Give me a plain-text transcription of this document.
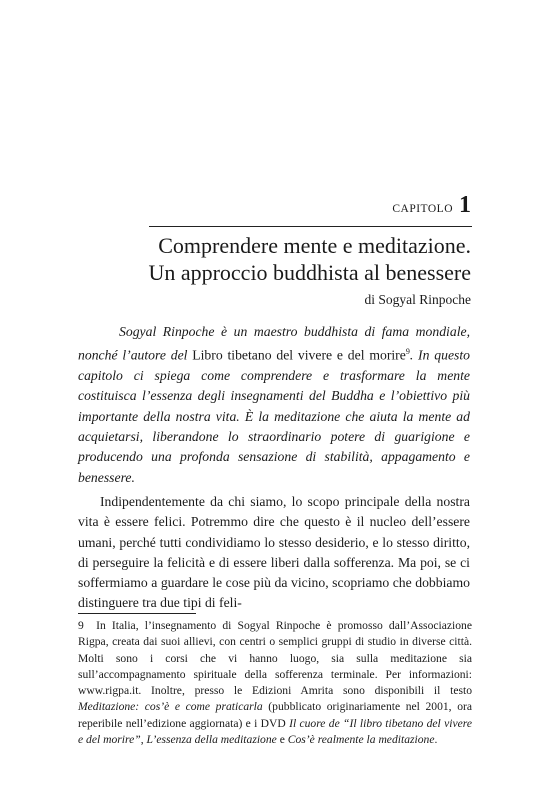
CAPITOLO 1
Comprendere mente e meditazione.
Un approccio buddhista al benessere
di Sogyal Rinpoche
Sogyal Rinpoche è un maestro buddhista di fama mondiale, nonché l’autore del Libro tibetano del vivere e del morire$^9$. In questo capitolo ci spiega come comprendere e trasformare la mente costituisca l’essenza degli insegnamenti del Buddha e l’obiettivo più importante della nostra vita. È la meditazione che aiuta la mente ad acquietarsi, liberandone lo straordinario potere di guarigione e producendo una profonda sensazione di stabilità, appagamento e benessere.
Indipendentemente da chi siamo, lo scopo principale della nostra vita è essere felici. Potremmo dire che questo è il nucleo dell’essere umani, perché tutti condividiamo lo stesso desiderio, e lo stesso diritto, di perseguire la felicità e di essere liberi dalla sofferenza. Ma poi, se ci soffermiamo a guardare le cose più da vicino, scopriamo che dobbiamo distinguere tra due tipi di feli-
9 In Italia, l’insegnamento di Sogyal Rinpoche è promosso dall’Associazione Rigpa, creata dai suoi allievi, con centri o semplici gruppi di studio in diverse città. Molti sono i corsi che vi hanno luogo, sia sulla meditazione sia sull’accompagnamento spirituale della sofferenza terminale. Per informazioni: www.rigpa.it. Inoltre, presso le Edizioni Amrita sono disponibili il testo Meditazione: cos’è e come praticarla (pubblicato originariamente nel 2001, ora reperibile nell’edizione aggiornata) e i DVD Il cuore de “Il libro tibetano del vivere e del morire”, L’essenza della meditazione e Cos’è realmente la meditazione.
